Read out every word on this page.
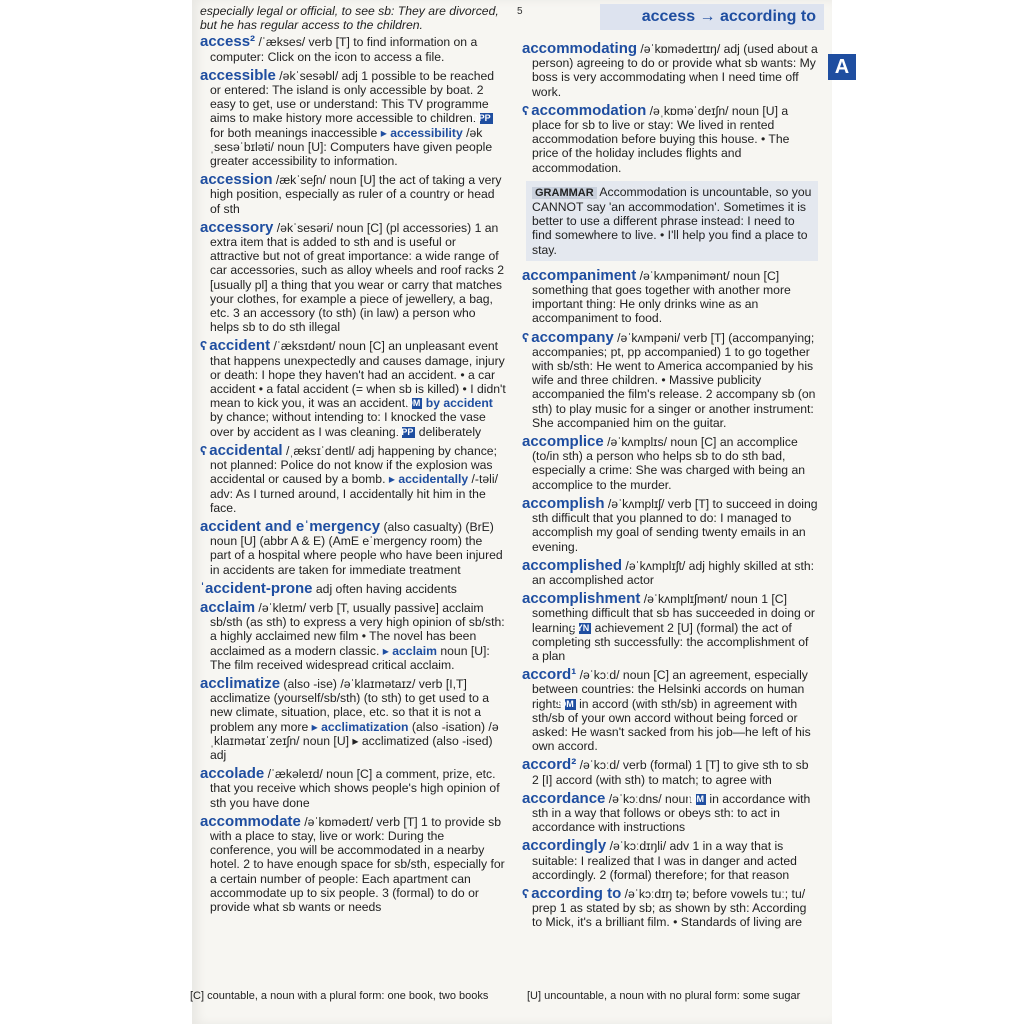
5	access → according to
A

especially legal or official, to see sb: They are divorced, but he has regular access to the children.

access² /ˈækses/ verb [T] to find information on a computer: Click on the icon to access a file.

accessible /əkˈsesəbl/ adj 1 possible to be reached or entered: The island is only accessible by boat. 2 easy to get, use or understand: This TV programme aims to make history more accessible to children. OPP for both meanings inaccessible ▸ accessibility /əkˌsesəˈbɪləti/ noun [U]: Computers have given people greater accessibility to information.

accession /ækˈseʃn/ noun [U] the act of taking a very high position, especially as ruler of a country or head of sth

accessory /əkˈsesəri/ noun [C] (pl accessories) 1 an extra item that is added to sth and is useful or attractive but not of great importance: a wide range of car accessories, such as alloy wheels and roof racks 2 [usually pl] a thing that you wear or carry that matches your clothes, for example a piece of jewellery, a bag, etc. 3 an accessory (to sth) (in law) a person who helps sb to do sth illegal

ʕ accident /ˈæksɪdənt/ noun [C] an unpleasant event that happens unexpectedly and causes damage, injury or death: I hope they haven't had an accident. • a car accident • a fatal accident (= when sb is killed) • I didn't mean to kick you, it was an accident. IDM by accident by chance; without intending to: I knocked the vase over by accident as I was cleaning. OPP deliberately

ʕ accidental /ˌæksɪˈdentl/ adj happening by chance; not planned: Police do not know if the explosion was accidental or caused by a bomb. ▸ accidentally /-təli/ adv: As I turned around, I accidentally hit him in the face.

accident and eˈmergency (also casualty) (BrE) noun [U] (abbr A & E) (AmE eˈmergency room) the part of a hospital where people who have been injured in accidents are taken for immediate treatment

ˈaccident-prone adj often having accidents

acclaim /əˈkleɪm/ verb [T, usually passive] acclaim sb/sth (as sth) to express a very high opinion of sb/sth: a highly acclaimed new film • The novel has been acclaimed as a modern classic. ▸ acclaim noun [U]: The film received widespread critical acclaim.

acclimatize (also -ise) /əˈklaɪmətaɪz/ verb [I,T] acclimatize (yourself/sb/sth) (to sth) to get used to a new climate, situation, place, etc. so that it is not a problem any more ▸ acclimatization (also -isation) /əˌklaɪmətaɪˈzeɪʃn/ noun [U] ▸ acclimatized (also -ised) adj

accolade /ˈækəleɪd/ noun [C] a comment, prize, etc. that you receive which shows people's high opinion of sth you have done

accommodate /əˈkɒmədeɪt/ verb [T] 1 to provide sb with a place to stay, live or work: During the conference, you will be accommodated in a nearby hotel. 2 to have enough space for sb/sth, especially for a certain number of people: Each apartment can accommodate up to six people. 3 (formal) to do or provide what sb wants or needs

accommodating /əˈkɒmədeɪtɪŋ/ adj (used about a person) agreeing to do or provide what sb wants: My boss is very accommodating when I need time off work.

ʕ accommodation /əˌkɒməˈdeɪʃn/ noun [U] a place for sb to live or stay: We lived in rented accommodation before buying this house. • The price of the holiday includes flights and accommodation.

GRAMMAR Accommodation is uncountable, so you CANNOT say 'an accommodation'. Sometimes it is better to use a different phrase instead: I need to find somewhere to live. • I'll help you find a place to stay.

accompaniment /əˈkʌmpənimənt/ noun [C] something that goes together with another more important thing: He only drinks wine as an accompaniment to food.

ʕ accompany /əˈkʌmpəni/ verb [T] (accompanying; accompanies; pt, pp accompanied) 1 to go together with sb/sth: He went to America accompanied by his wife and three children. • Massive publicity accompanied the film's release. 2 accompany sb (on sth) to play music for a singer or another instrument: She accompanied him on the guitar.

accomplice /əˈkʌmplɪs/ noun [C] an accomplice (to/in sth) a person who helps sb to do sth bad, especially a crime: She was charged with being an accomplice to the murder.

accomplish /əˈkʌmplɪʃ/ verb [T] to succeed in doing sth difficult that you planned to do: I managed to accomplish my goal of sending twenty emails in an evening.

accomplished /əˈkʌmplɪʃt/ adj highly skilled at sth: an accomplished actor

accomplishment /əˈkʌmplɪʃmənt/ noun 1 [C] something difficult that sb has succeeded in doing or learning SYN achievement 2 [U] (formal) the act of completing sth successfully: the accomplishment of a plan

accord¹ /əˈkɔːd/ noun [C] an agreement, especially between countries: the Helsinki accords on human rights IDM in accord (with sth/sb) in agreement with sth/sb of your own accord without being forced or asked: He wasn't sacked from his job—he left of his own accord.

accord² /əˈkɔːd/ verb (formal) 1 [T] to give sth to sb 2 [I] accord (with sth) to match; to agree with

accordance /əˈkɔːdns/ noun IDM in accordance with sth in a way that follows or obeys sth: to act in accordance with instructions

accordingly /əˈkɔːdɪŋli/ adv 1 in a way that is suitable: I realized that I was in danger and acted accordingly. 2 (formal) therefore; for that reason

ʕ according to /əˈkɔːdɪŋ tə; before vowels tuː; tu/ prep 1 as stated by sb; as shown by sth: According to Mick, it's a brilliant film. • Standards of living are

[C] countable, a noun with a plural form: one book, two books	[U] uncountable, a noun with no plural form: some sugar
